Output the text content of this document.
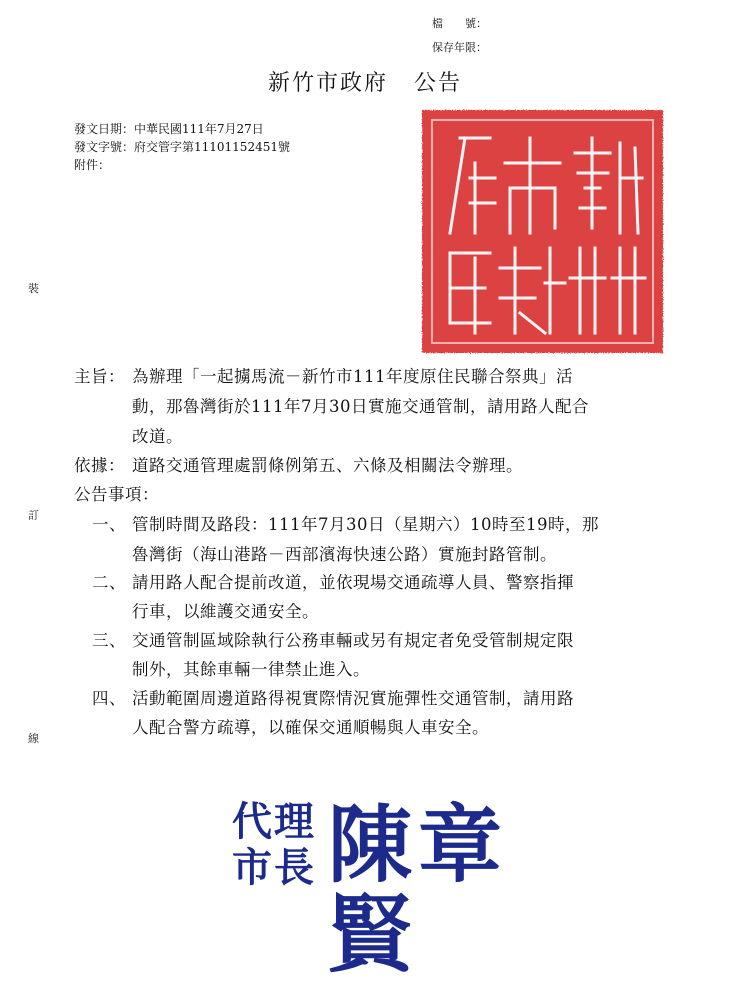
檔　　號：
保存年限：
新竹市政府 公告
發文日期：中華民國111年7月27日
發文字號：府交管字第11101152451號
附件：
裝
訂
線
主旨： 為辦理「一起擄馬流－新竹市111年度原住民聯合祭典」活
動，那魯灣街於111年7月30日實施交通管制，請用路人配合
改道。
依據： 道路交通管理處罰條例第五、六條及相關法令辦理。
公告事項：
一、 管制時間及路段：111年7月30日（星期六）10時至19時，那
魯灣街（海山港路－西部濱海快速公路）實施封路管制。
二、 請用路人配合提前改道，並依現場交通疏導人員、警察指揮
行車，以維護交通安全。
三、 交通管制區域除執行公務車輛或另有規定者免受管制規定限
制外，其餘車輛一律禁止進入。
四、 活動範圍周邊道路得視實際情況實施彈性交通管制，請用路
人配合警方疏導，以確保交通順暢與人車安全。
代理
市長 陳章賢
